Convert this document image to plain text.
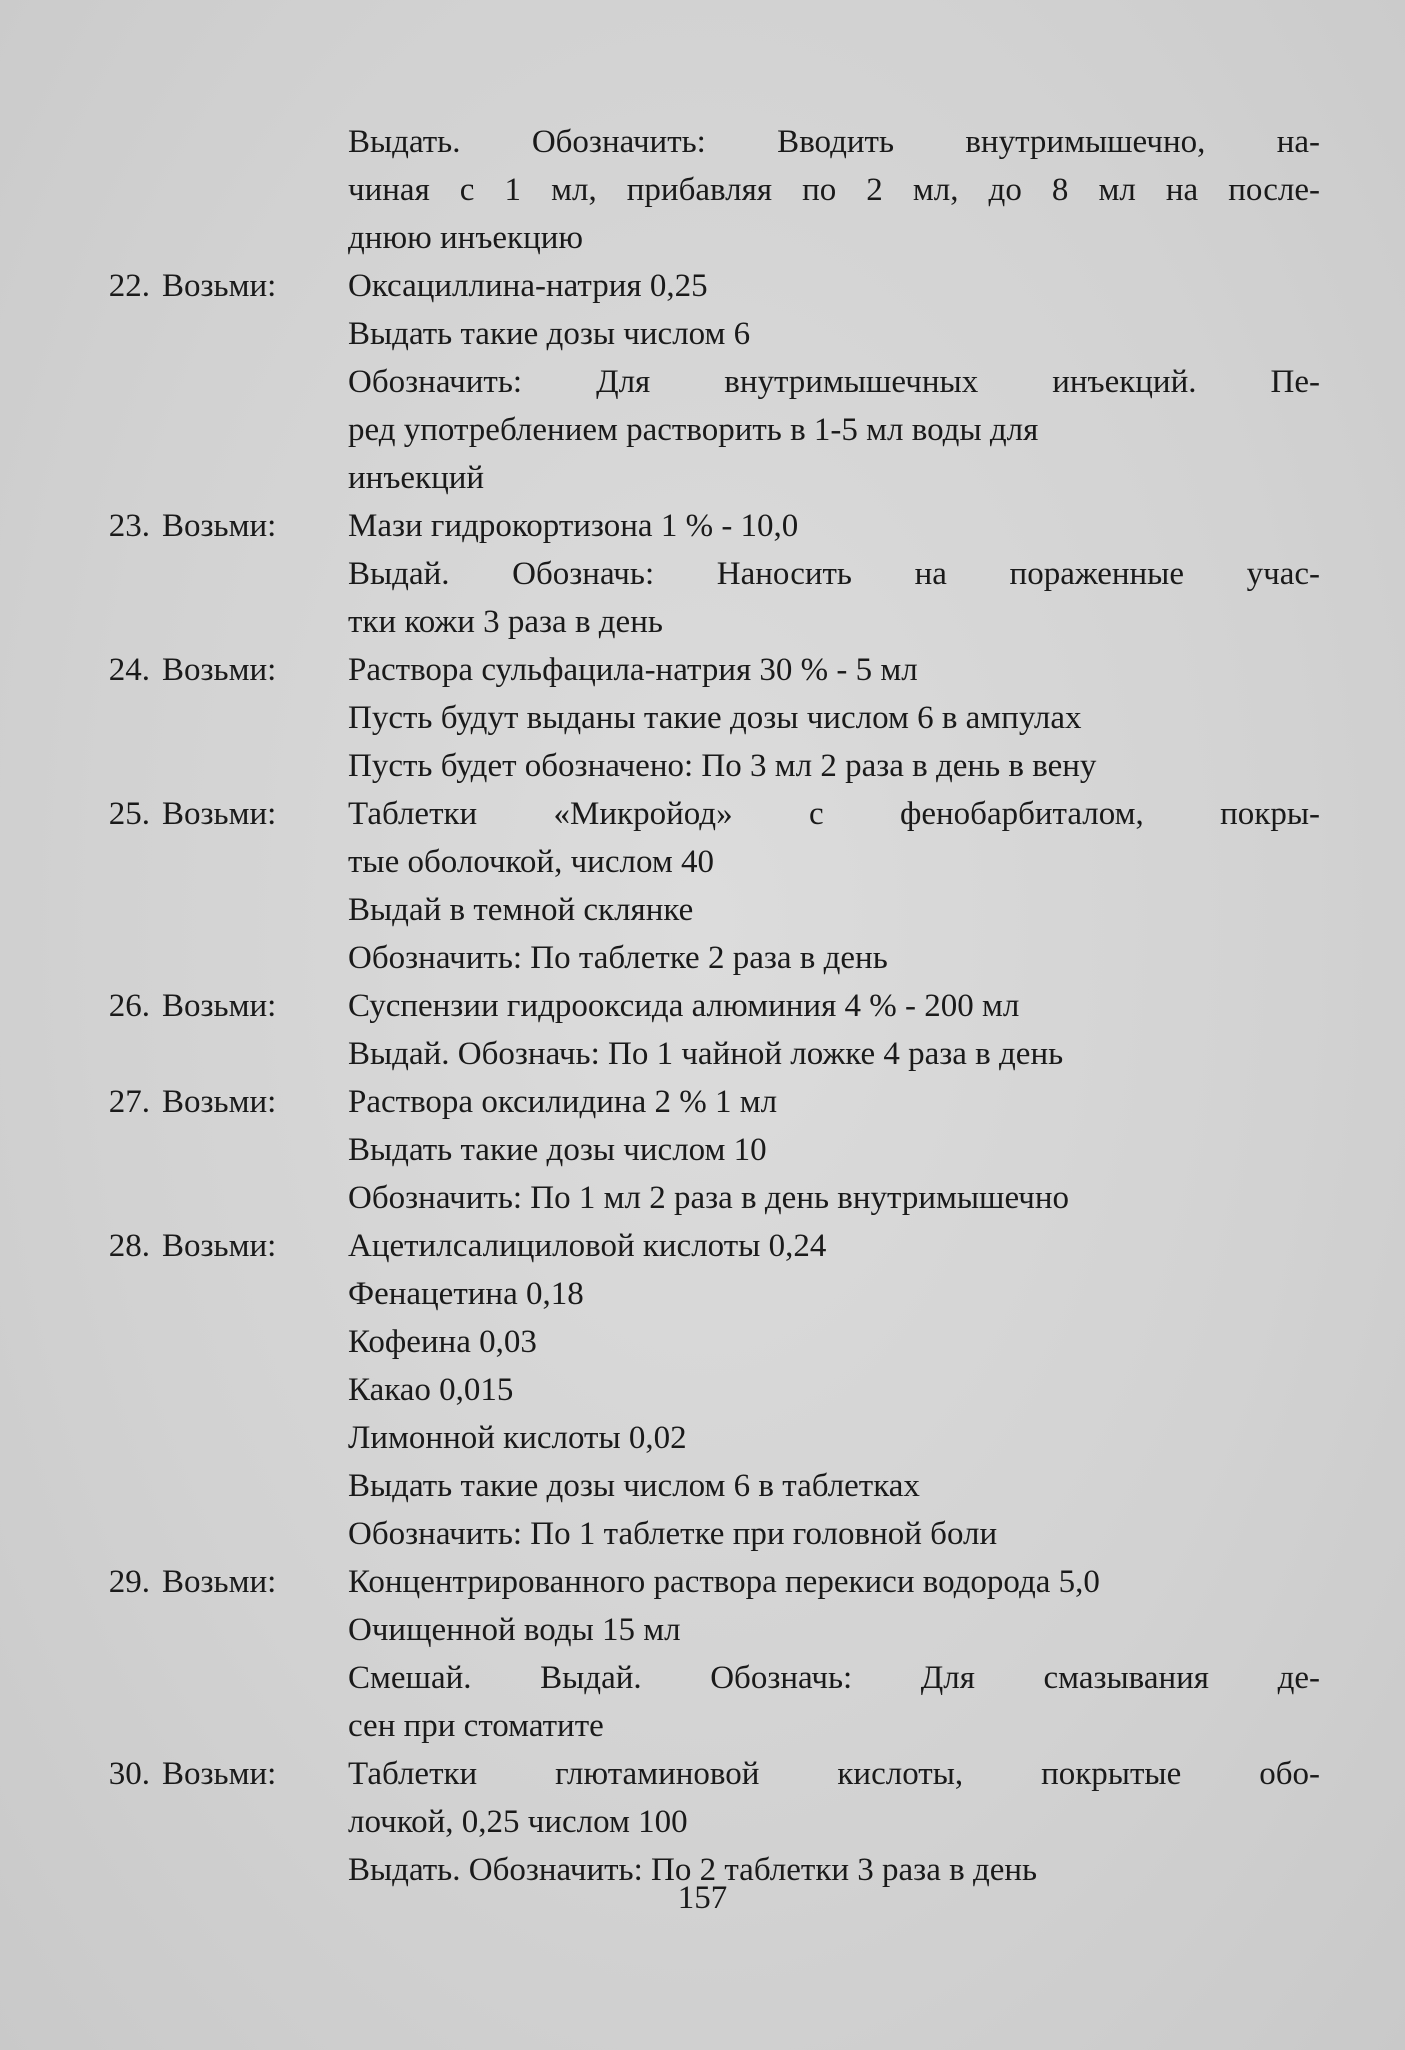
Выдать. Обозначить: Вводить внутримышечно, на-
чиная с 1 мл, прибавляя по 2 мл, до 8 мл на после-
днюю инъекцию
22. Возьми: Оксациллина-натрия 0,25
Выдать такие дозы числом 6
Обозначить: Для внутримышечных инъекций. Пе-
ред употреблением растворить в 1-5 мл воды для
инъекций
23. Возьми: Мази гидрокортизона 1 % - 10,0
Выдай. Обозначь: Наносить на пораженные учас-
тки кожи 3 раза в день
24. Возьми: Раствора сульфацила-натрия 30 % - 5 мл
Пусть будут выданы такие дозы числом 6 в ампулах
Пусть будет обозначено: По 3 мл 2 раза в день в вену
25. Возьми: Таблетки «Микройод» с фенобарбиталом, покры-
тые оболочкой, числом 40
Выдай в темной склянке
Обозначить: По таблетке 2 раза в день
26. Возьми: Суспензии гидрооксида алюминия 4 % - 200 мл
Выдай. Обозначь: По 1 чайной ложке 4 раза в день
27. Возьми: Раствора оксилидина 2 % 1 мл
Выдать такие дозы числом 10
Обозначить: По 1 мл 2 раза в день внутримышечно
28. Возьми: Ацетилсалициловой кислоты 0,24
Фенацетина 0,18
Кофеина 0,03
Какао 0,015
Лимонной кислоты 0,02
Выдать такие дозы числом 6 в таблетках
Обозначить: По 1 таблетке при головной боли
29. Возьми: Концентрированного раствора перекиси водорода 5,0
Очищенной воды 15 мл
Смешай. Выдай. Обозначь: Для смазывания де-
сен при стоматите
30. Возьми: Таблетки глютаминовой кислоты, покрытые обо-
лочкой, 0,25 числом 100
Выдать. Обозначить: По 2 таблетки 3 раза в день
157
